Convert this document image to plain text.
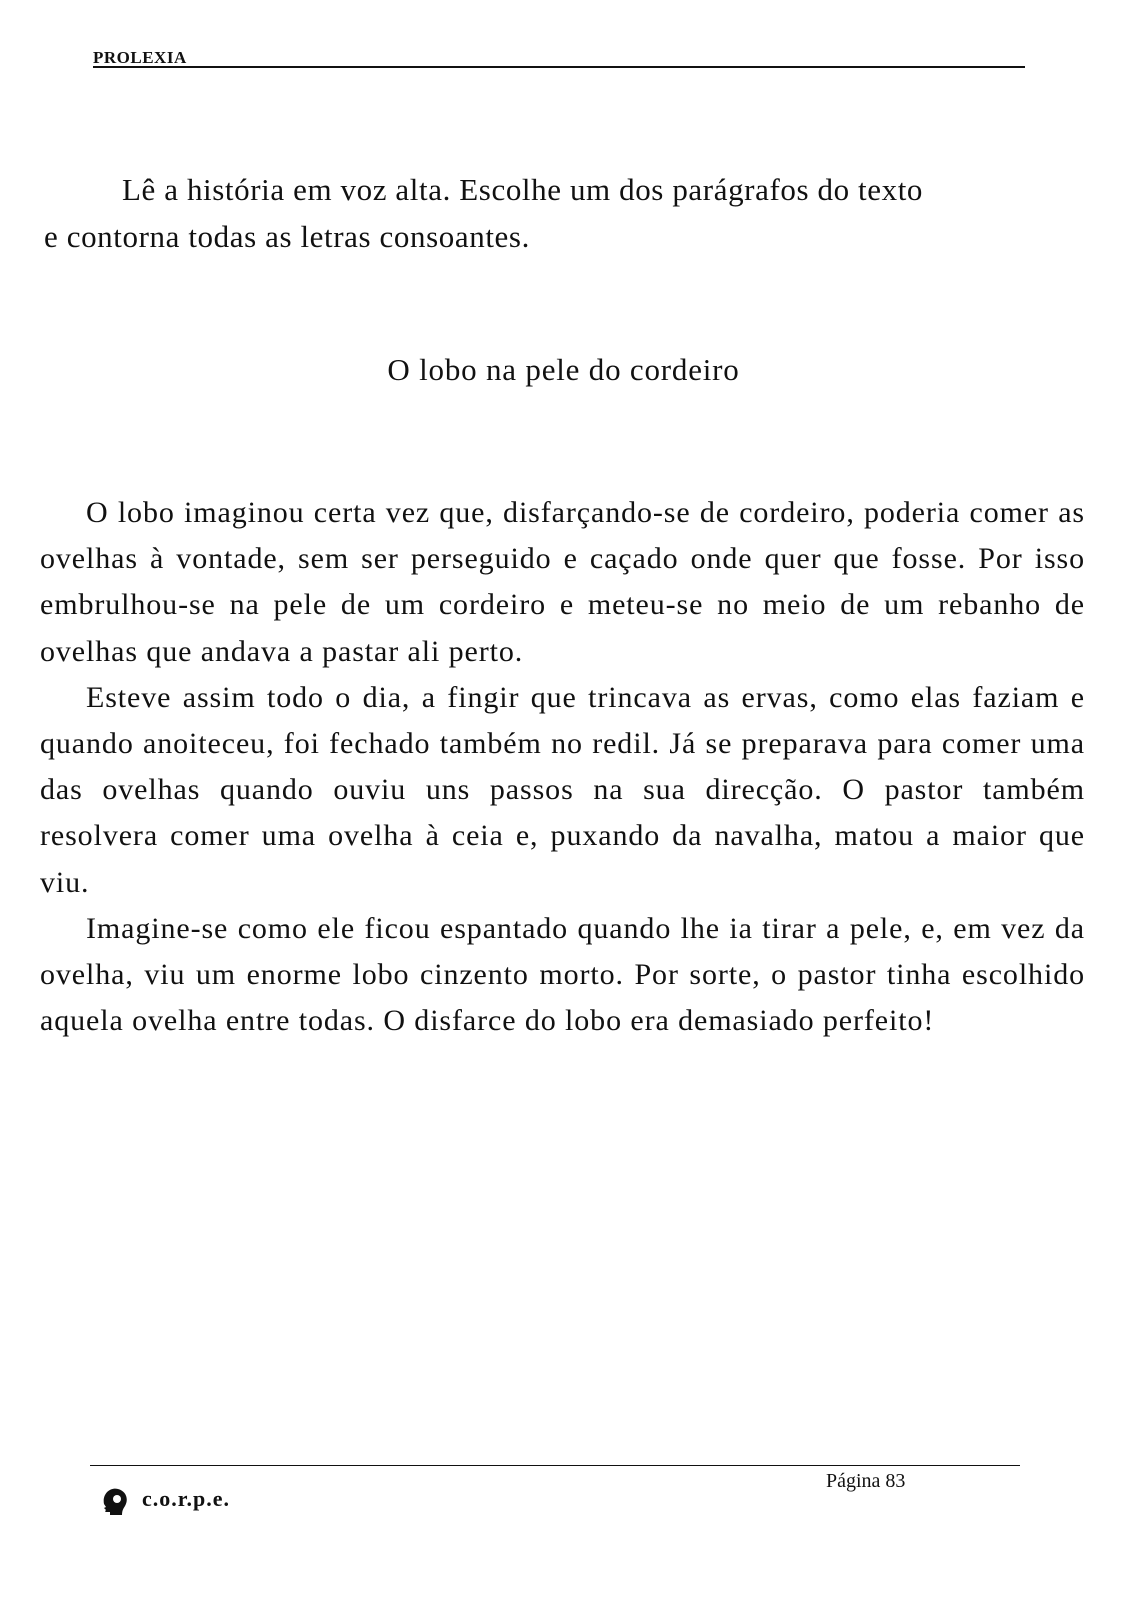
PROLEXIA
Lê a história em voz alta. Escolhe um dos parágrafos do texto
e contorna todas as letras consoantes.
O lobo na pele do cordeiro

O lobo imaginou certa vez que, disfarçando-se de cordeiro, poderia comer as ovelhas à vontade, sem ser perseguido e caçado onde quer que fosse. Por isso embrulhou-se na pele de um cordeiro e meteu-se no meio de um rebanho de ovelhas que andava a pastar ali perto.

Esteve assim todo o dia, a fingir que trincava as ervas, como elas faziam e quando anoiteceu, foi fechado também no redil. Já se preparava para comer uma das ovelhas quando ouviu uns passos na sua direcção. O pastor também resolvera comer uma ovelha à ceia e, puxando da navalha, matou a maior que viu.

Imagine-se como ele ficou espantado quando lhe ia tirar a pele, e, em vez da ovelha, viu um enorme lobo cinzento morto. Por sorte, o pastor tinha escolhido aquela ovelha entre todas. O disfarce do lobo era demasiado perfeito!

c.o.r.p.e.
Página 83
